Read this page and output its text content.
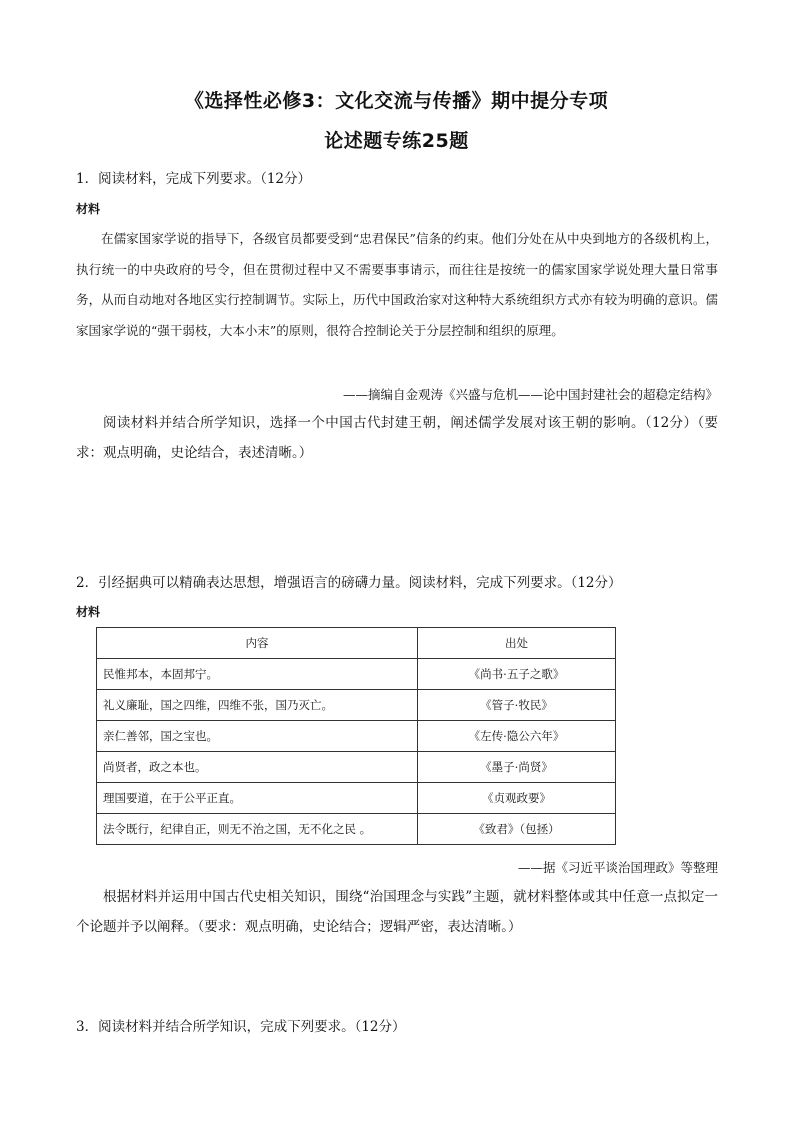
《选择性必修3：文化交流与传播》期中提分专项
论述题专练25题
1．阅读材料，完成下列要求。（12分）
材料
在儒家国家学说的指导下，各级官员都要受到“忠君保民”信条的约束。他们分处在从中央到地方的各级机构上，执行统一的中央政府的号令，但在贯彻过程中又不需要事事请示，而往往是按统一的儒家国家学说处理大量日常事务，从而自动地对各地区实行控制调节。实际上，历代中国政治家对这种特大系统组织方式亦有较为明确的意识。儒家国家学说的“强干弱枝，大本小末”的原则，很符合控制论关于分层控制和组织的原理。
——摘编自金观涛《兴盛与危机——论中国封建社会的超稳定结构》
阅读材料并结合所学知识，选择一个中国古代封建王朝，阐述儒学发展对该王朝的影响。（12分）（要求：观点明确，史论结合，表述清晰。）
2．引经据典可以精确表达思想，增强语言的磅礴力量。阅读材料，完成下列要求。（12分）
材料
内容	出处
民惟邦本，本固邦宁。	《尚书·五子之歌》
礼义廉耻，国之四维，四维不张，国乃灭亡。	《管子·牧民》
亲仁善邻，国之宝也。	《左传·隐公六年》
尚贤者，政之本也。	《墨子·尚贤》
理国要道，在于公平正直。	《贞观政要》
法令既行，纪律自正，则无不治之国，无不化之民 。	《致君》（包拯）
——据《习近平谈治国理政》等整理
根据材料并运用中国古代史相关知识，围绕“治国理念与实践”主题，就材料整体或其中任意一点拟定一个论题并予以阐释。（要求：观点明确，史论结合；逻辑严密，表达清晰。）
3．阅读材料并结合所学知识，完成下列要求。（12分）
